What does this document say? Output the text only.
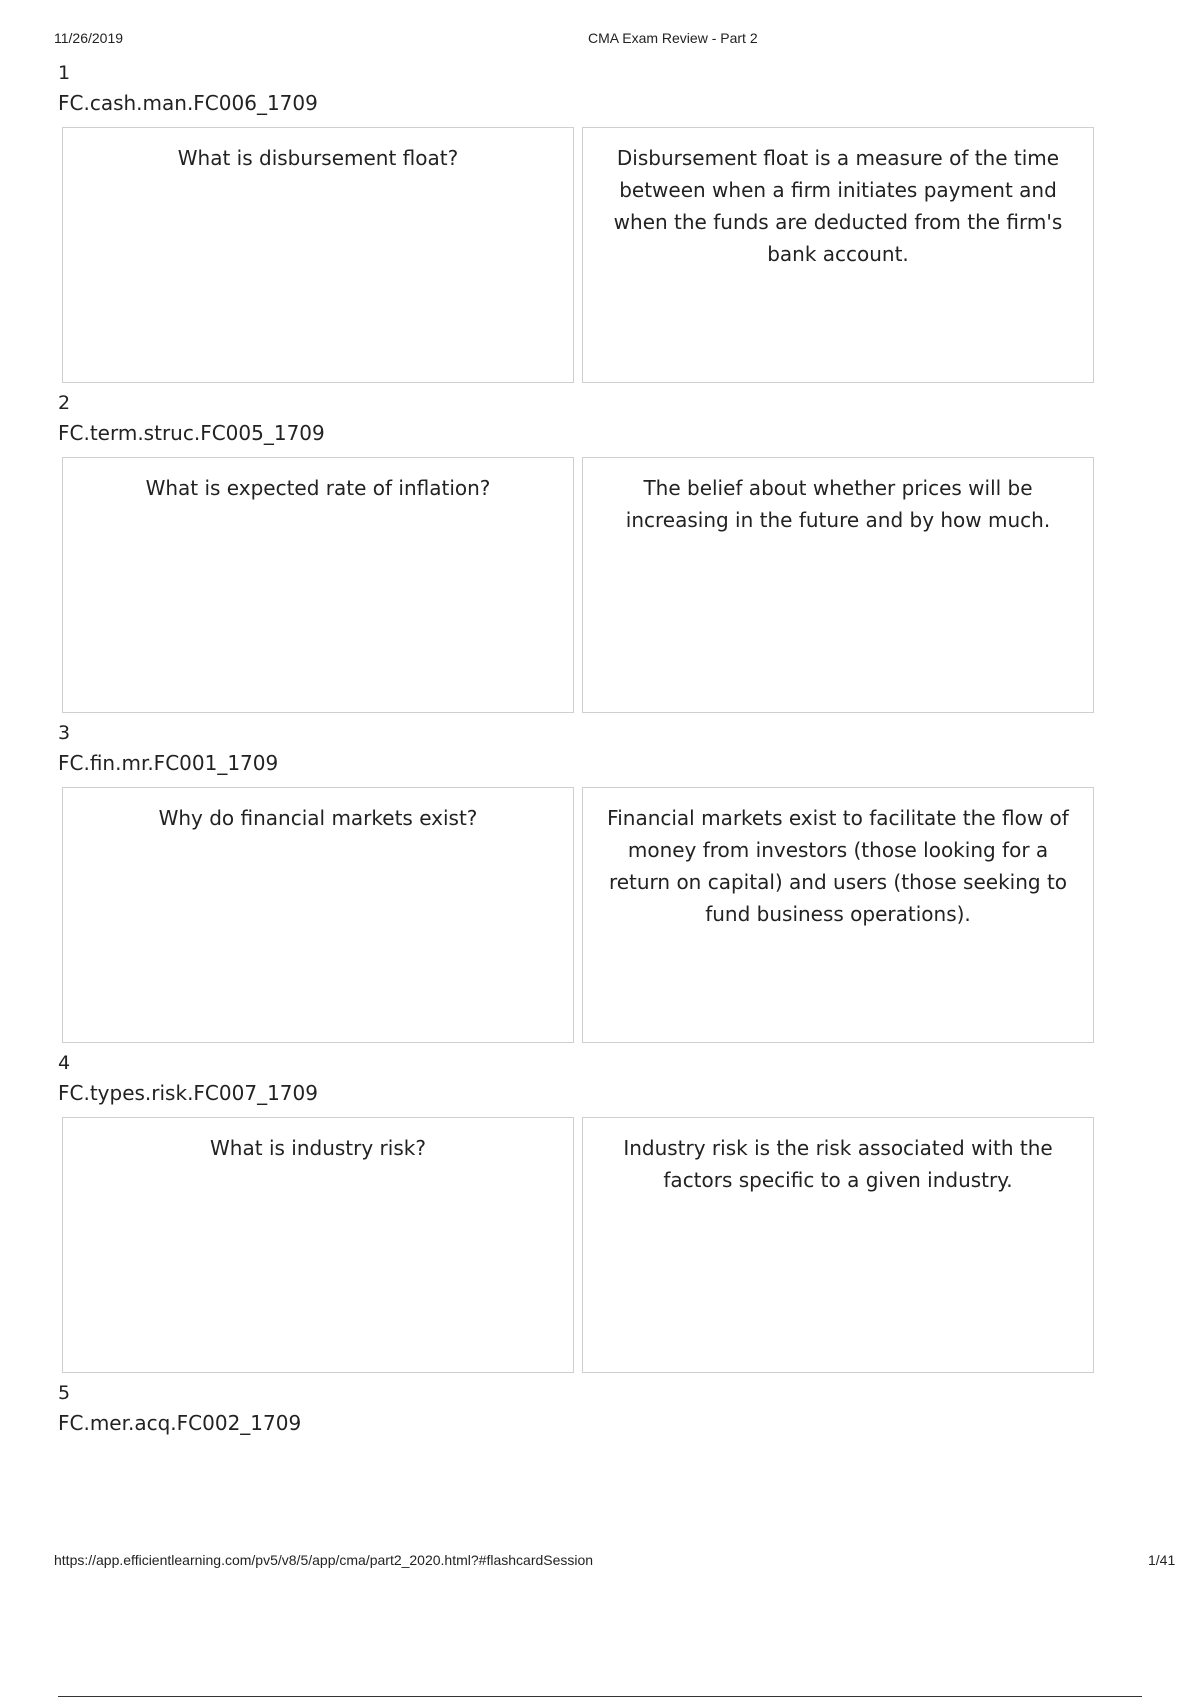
11/26/2019	CMA Exam Review - Part 2
1
FC.cash.man.FC006_1709
What is disbursement float?	Disbursement float is a measure of the time between when a firm initiates payment and when the funds are deducted from the firm's bank account.
2
FC.term.struc.FC005_1709
What is expected rate of inflation?	The belief about whether prices will be increasing in the future and by how much.
3
FC.fin.mr.FC001_1709
Why do financial markets exist?	Financial markets exist to facilitate the flow of money from investors (those looking for a return on capital) and users (those seeking to fund business operations).
4
FC.types.risk.FC007_1709
What is industry risk?	Industry risk is the risk associated with the factors specific to a given industry.
5
FC.mer.acq.FC002_1709
https://app.efficientlearning.com/pv5/v8/5/app/cma/part2_2020.html?#flashcardSession	1/41
